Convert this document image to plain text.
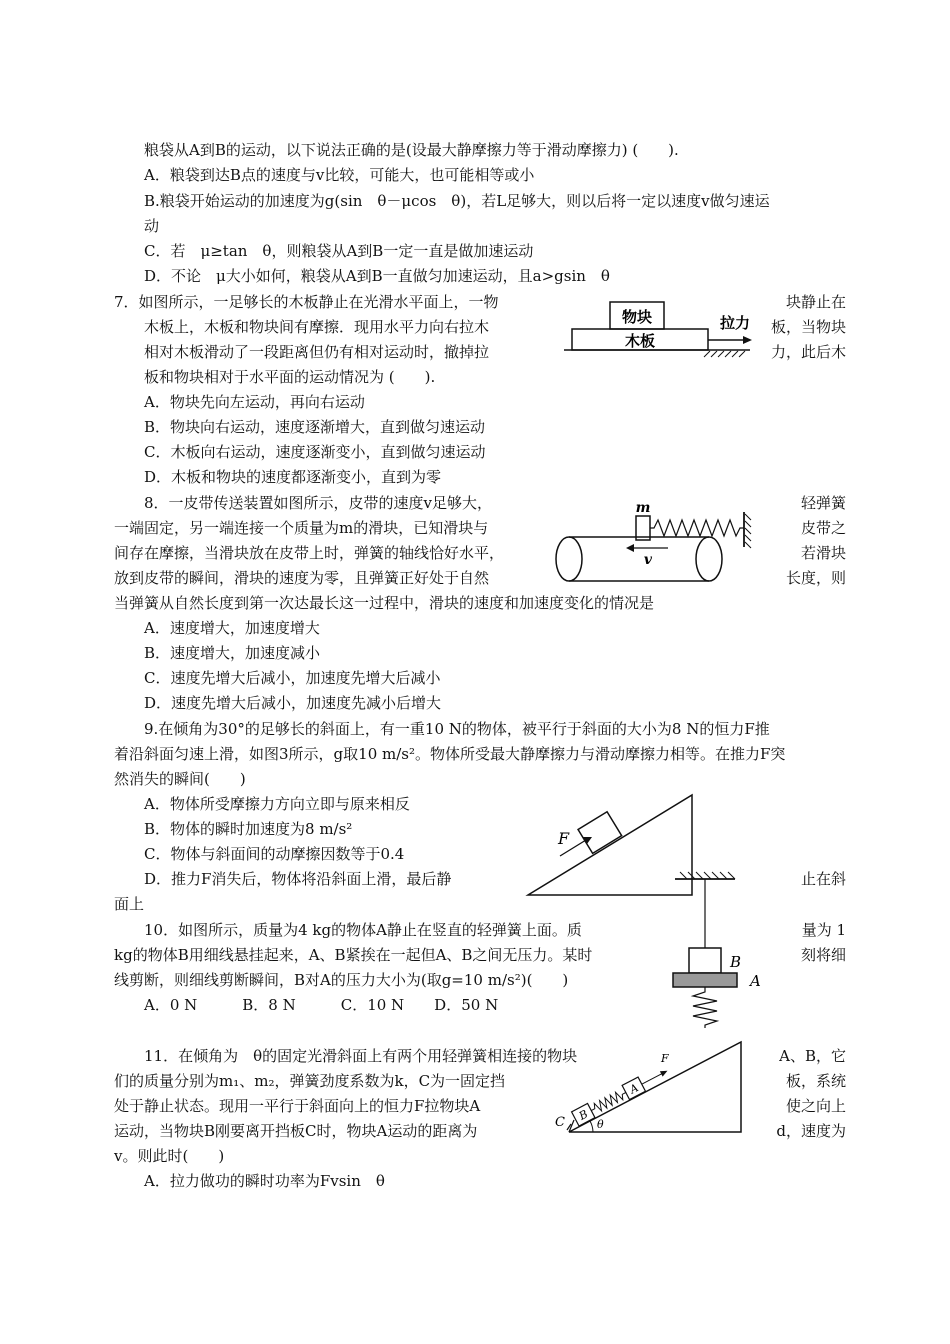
粮袋从A到B的运动，以下说法正确的是(设最大静摩擦力等于滑动摩擦力) (　　).
A．粮袋到达B点的速度与v比较，可能大，也可能相等或小
B.粮袋开始运动的加速度为g(sin　θ－μcos　θ)，若L足够大，则以后将一定以速度v做匀速运
动
C．若　μ≥tan　θ，则粮袋从A到B一定一直是做加速运动
D．不论　μ大小如何，粮袋从A到B一直做匀加速运动，且a>gsin　θ
7．如图所示，一足够长的木板静止在光滑水平面上，一物	块静止在
木板上，木板和物块间有摩擦．现用水平力向右拉木	板，当物块
相对木板滑动了一段距离但仍有相对运动时，撤掉拉	力，此后木
板和物块相对于水平面的运动情况为 (　　).
A．物块先向左运动，再向右运动
B．物块向右运动，速度逐渐增大，直到做匀速运动
C．木板向右运动，速度逐渐变小，直到做匀速运动
D．木板和物块的速度都逐渐变小，直到为零
物块
木板
拉力
8．一皮带传送装置如图所示，皮带的速度v足够大，	轻弹簧
一端固定，另一端连接一个质量为m的滑块，已知滑块与	皮带之
间存在摩擦，当滑块放在皮带上时，弹簧的轴线恰好水平，	若滑块
放到皮带的瞬间，滑块的速度为零，且弹簧正好处于自然	长度，则
当弹簧从自然长度到第一次达最长这一过程中，滑块的速度和加速度变化的情况是
A．速度增大，加速度增大
B．速度增大，加速度减小
C．速度先增大后减小，加速度先增大后减小
D．速度先增大后减小，加速度先减小后增大
m
v
9.在倾角为30°的足够长的斜面上，有一重10 N的物体，被平行于斜面的大小为8 N的恒力F推
着沿斜面匀速上滑，如图3所示，g取10 m/s²。物体所受最大静摩擦力与滑动摩擦力相等。在推力F突
然消失的瞬间(　　)
A．物体所受摩擦力方向立即与原来相反
B．物体的瞬时加速度为8 m/s²
C．物体与斜面间的动摩擦因数等于0.4
D．推力F消失后，物体将沿斜面上滑，最后静	止在斜
面上
F
10．如图所示，质量为4 kg的物体A静止在竖直的轻弹簧上面。质	量为 1
kg的物体B用细线悬挂起来，A、B紧挨在一起但A、B之间无压力。某时	刻将细
线剪断，则细线剪断瞬间，B对A的压力大小为(取g=10 m/s²)(　　)
A．0 N　　　B．8 N　　　C．10 N　　D．50 N
B
A
11．在倾角为　θ的固定光滑斜面上有两个用轻弹簧相连接的物块	A、B，它
们的质量分别为m₁、m₂，弹簧劲度系数为k，C为一固定挡	板，系统
处于静止状态。现用一平行于斜面向上的恒力F拉物块A	使之向上
运动，当物块B刚要离开挡板C时，物块A运动的距离为	d，速度为
v。则此时(　　)
A．拉力做功的瞬时功率为Fvsin　θ
C B
A
F
θ
